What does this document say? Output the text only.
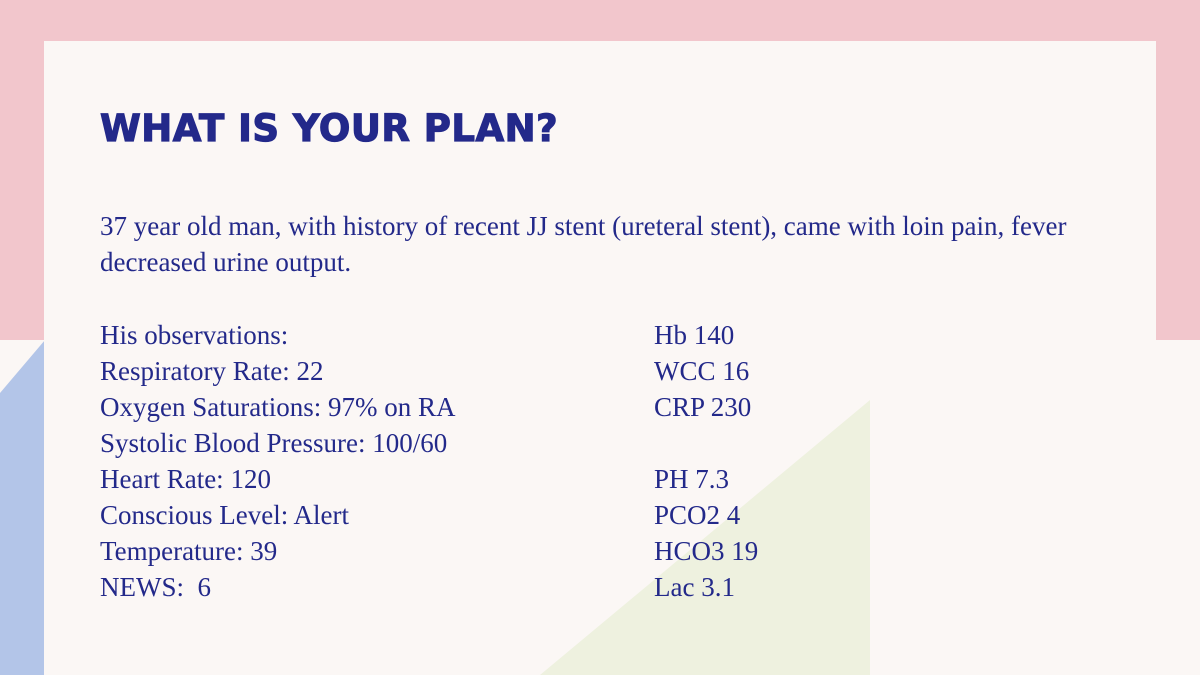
WHAT IS YOUR PLAN?

37 year old man, with history of recent JJ stent (ureteral stent), came with loin pain, fever decreased urine output.

His observations:
Respiratory Rate: 22
Oxygen Saturations: 97% on RA
Systolic Blood Pressure: 100/60
Heart Rate: 120
Conscious Level: Alert
Temperature: 39
NEWS:  6
Hb 140
WCC 16
CRP 230
PH 7.3
PCO2 4
HCO3 19
Lac 3.1
